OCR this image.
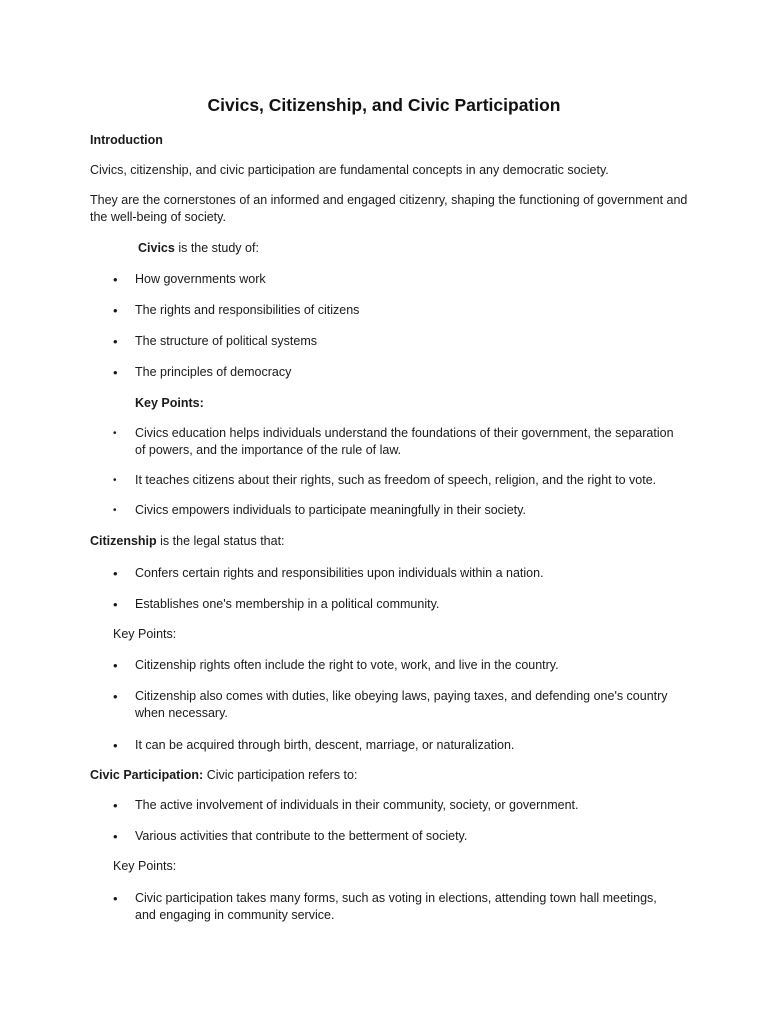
Civics, Citizenship, and Civic Participation
Introduction
Civics, citizenship, and civic participation are fundamental concepts in any democratic society.
They are the cornerstones of an informed and engaged citizenry, shaping the functioning of government and the well-being of society.
Civics is the study of:
•	How governments work
•	The rights and responsibilities of citizens
•	The structure of political systems
•	The principles of democracy
Key Points:
•	Civics education helps individuals understand the foundations of their government, the separation of powers, and the importance of the rule of law.
•	It teaches citizens about their rights, such as freedom of speech, religion, and the right to vote.
•	Civics empowers individuals to participate meaningfully in their society.
Citizenship is the legal status that:
•	Confers certain rights and responsibilities upon individuals within a nation.
•	Establishes one's membership in a political community.
Key Points:
•	Citizenship rights often include the right to vote, work, and live in the country.
•	Citizenship also comes with duties, like obeying laws, paying taxes, and defending one's country when necessary.
•	It can be acquired through birth, descent, marriage, or naturalization.
Civic Participation: Civic participation refers to:
•	The active involvement of individuals in their community, society, or government.
•	Various activities that contribute to the betterment of society.
Key Points:
•	Civic participation takes many forms, such as voting in elections, attending town hall meetings, and engaging in community service.
